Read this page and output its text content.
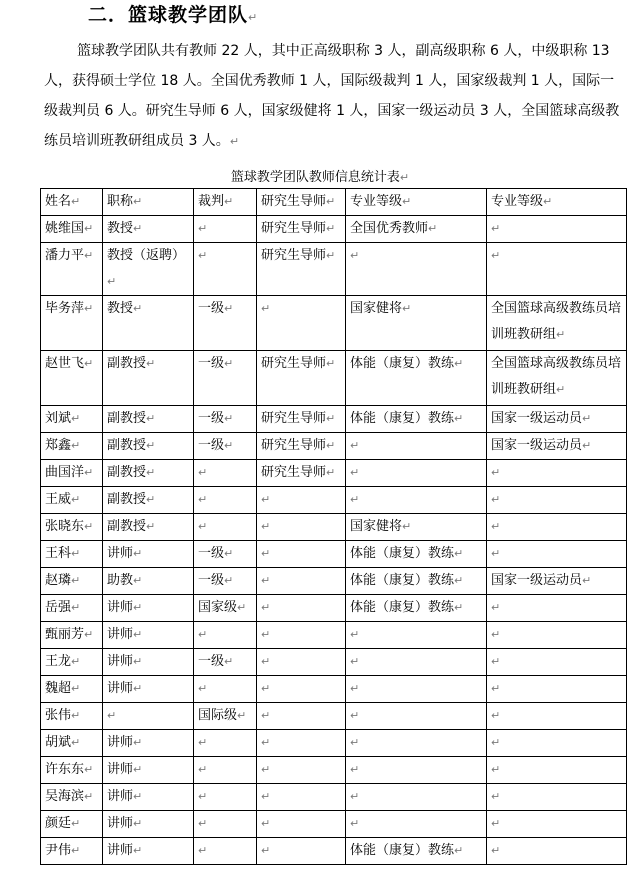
二．篮球教学团队↵
篮球教学团队共有教师 22 人，其中正高级职称 3 人，副高级职称 6 人，中级职称 13 人，获得硕士学位 18 人。全国优秀教师 1 人，国际级裁判 1 人，国家级裁判 1 人，国际一级裁判员 6 人。研究生导师 6 人，国家级健将 1 人，国家一级运动员 3 人，全国篮球高级教练员培训班教研组成员 3 人。↵
篮球教学团队教师信息统计表↵
姓名↵	职称↵	裁判↵	研究生导师↵	专业等级↵	专业等级↵
姚维国↵	教授↵	↵	研究生导师↵	全国优秀教师↵	↵
潘力平↵	教授（返聘）↵	↵	研究生导师↵	↵	↵
毕务萍↵	教授↵	一级↵	↵	国家健将↵	全国篮球高级教练员培训班教研组↵
赵世飞↵	副教授↵	一级↵	研究生导师↵	体能（康复）教练↵	全国篮球高级教练员培训班教研组↵
刘斌↵	副教授↵	一级↵	研究生导师↵	体能（康复）教练↵	国家一级运动员↵
郑鑫↵	副教授↵	一级↵	研究生导师↵	↵	国家一级运动员↵
曲国洋↵	副教授↵	↵	研究生导师↵	↵	↵
王威↵	副教授↵	↵	↵	↵	↵
张晓东↵	副教授↵	↵	↵	国家健将↵	↵
王科↵	讲师↵	一级↵	↵	体能（康复）教练↵	↵
赵璘↵	助教↵	一级↵	↵	体能（康复）教练↵	国家一级运动员↵
岳强↵	讲师↵	国家级↵	↵	体能（康复）教练↵	↵
甄丽芳↵	讲师↵	↵	↵	↵	↵
王龙↵	讲师↵	一级↵	↵	↵	↵
魏超↵	讲师↵	↵	↵	↵	↵
张伟↵	↵	国际级↵	↵	↵	↵
胡斌↵	讲师↵	↵	↵	↵	↵
许东东↵	讲师↵	↵	↵	↵	↵
吴海滨↵	讲师↵	↵	↵	↵	↵
颜廷↵	讲师↵	↵	↵	↵	↵
尹伟↵	讲师↵	↵	↵	体能（康复）教练↵	↵
